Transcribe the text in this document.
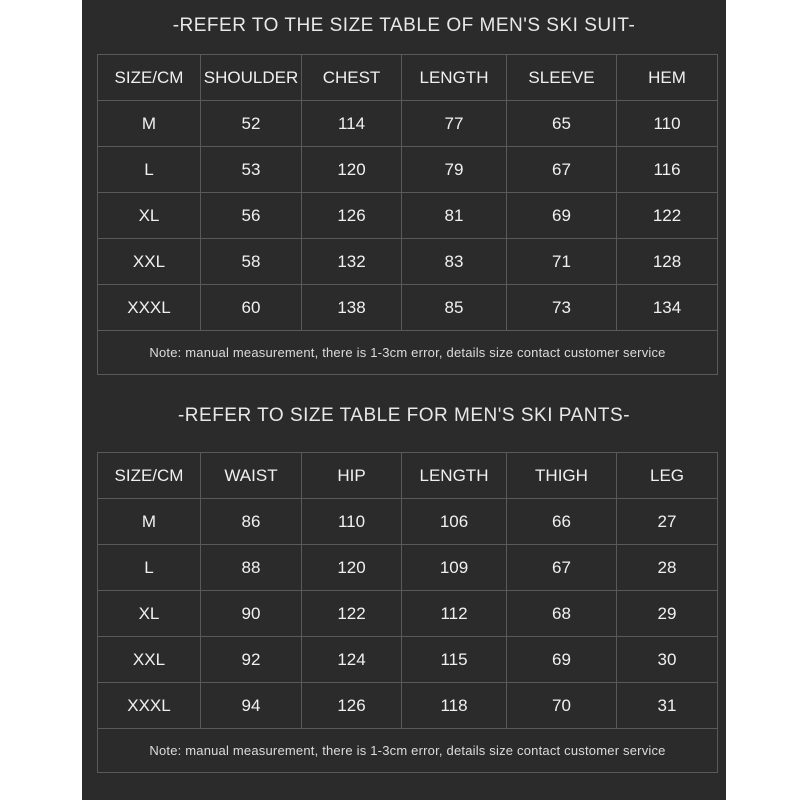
-REFER TO THE SIZE TABLE OF MEN'S SKI SUIT-
SIZE/CM	SHOULDER	CHEST	LENGTH	SLEEVE	HEM
M	52	114	77	65	110
L	53	120	79	67	116
XL	56	126	81	69	122
XXL	58	132	83	71	128
XXXL	60	138	85	73	134
Note: manual measurement, there is 1-3cm error, details size contact customer service					
-REFER TO SIZE TABLE FOR MEN'S SKI PANTS-
SIZE/CM	WAIST	HIP	LENGTH	THIGH	LEG
M	86	110	106	66	27
L	88	120	109	67	28
XL	90	122	112	68	29
XXL	92	124	115	69	30
XXXL	94	126	118	70	31
Note: manual measurement, there is 1-3cm error, details size contact customer service					
